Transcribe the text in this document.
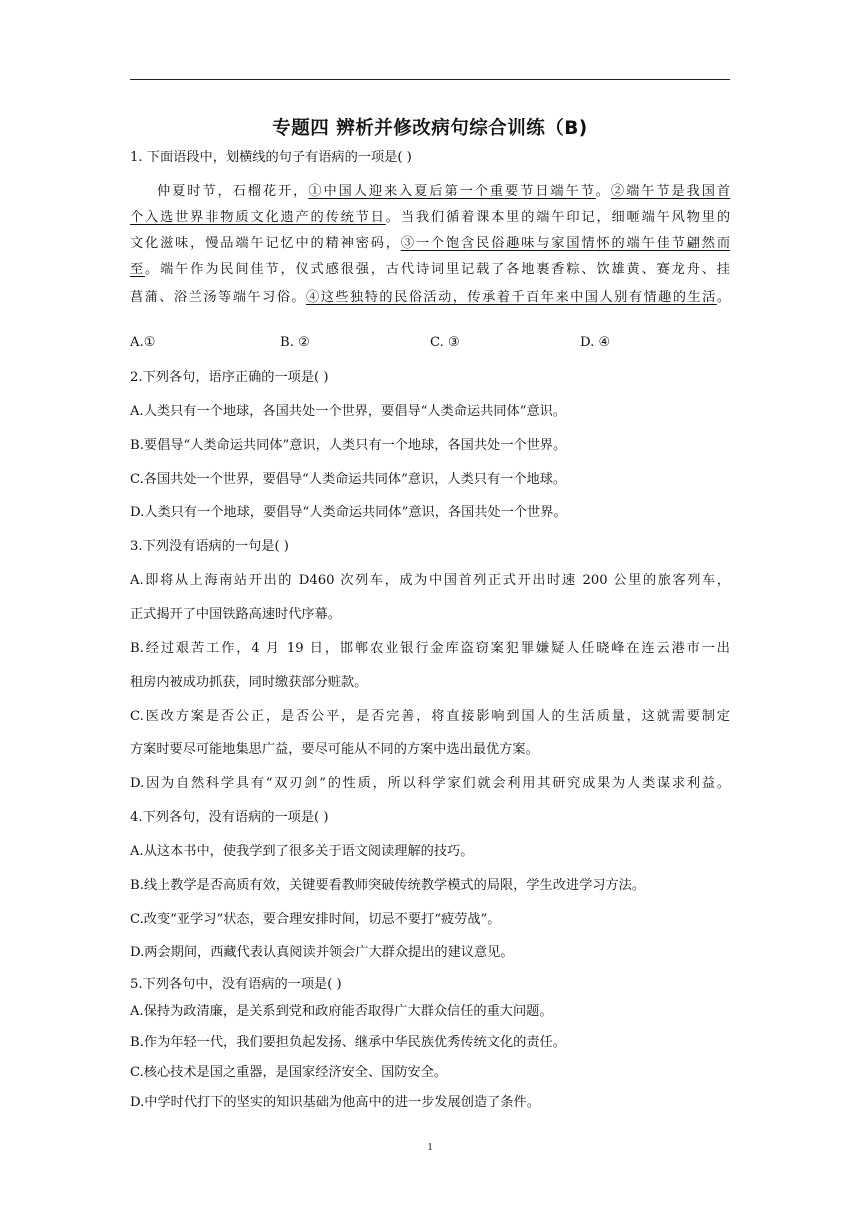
专题四 辨析并修改病句综合训练（B)
1. 下面语段中，划横线的句子有语病的一项是( )
仲夏时节，石榴花开，①中国人迎来入夏后第一个重要节日端午节。②端午节是我国首
个入选世界非物质文化遗产的传统节日。当我们循着课本里的端午印记，细咂端午风物里的
文化滋味，慢品端午记忆中的精神密码，③一个饱含民俗趣味与家国情怀的端午佳节翩然而
至。端午作为民间佳节，仪式感很强，古代诗词里记载了各地裹香粽、饮雄黄、赛龙舟、挂
菖蒲、浴兰汤等端午习俗。④这些独特的民俗活动，传承着千百年来中国人别有情趣的生活。
A.①	B. ②	C. ③	D. ④
2.下列各句，语序正确的一项是( )
A.人类只有一个地球，各国共处一个世界，要倡导“人类命运共同体”意识。
B.要倡导“人类命运共同体”意识，人类只有一个地球，各国共处一个世界。
C.各国共处一个世界，要倡导“人类命运共同体”意识，人类只有一个地球。
D.人类只有一个地球，要倡导“人类命运共同体”意识，各国共处一个世界。
3.下列没有语病的一句是( )
A.即将从上海南站开出的 D460 次列车，成为中国首列正式开出时速 200 公里的旅客列车，
正式揭开了中国铁路高速时代序幕。
B.经过艰苦工作，4 月 19 日，邯郸农业银行金库盗窃案犯罪嫌疑人任晓峰在连云港市一出
租房内被成功抓获，同时缴获部分赃款。
C.医改方案是否公正，是否公平，是否完善，将直接影响到国人的生活质量，这就需要制定
方案时要尽可能地集思广益，要尽可能从不同的方案中选出最优方案。
D.因为自然科学具有“双刃剑”的性质，所以科学家们就会利用其研究成果为人类谋求利益。
4.下列各句，没有语病的一项是( )
A.从这本书中，使我学到了很多关于语文阅读理解的技巧。
B.线上教学是否高质有效，关键要看教师突破传统教学模式的局限，学生改进学习方法。
C.改变“亚学习”状态，要合理安排时间，切忌不要打“疲劳战”。
D.两会期间，西藏代表认真阅读并领会广大群众提出的建议意见。
5.下列各句中，没有语病的一项是( )
A.保持为政清廉，是关系到党和政府能否取得广大群众信任的重大问题。
B.作为年轻一代，我们要担负起发扬、继承中华民族优秀传统文化的责任。
C.核心技术是国之重器，是国家经济安全、国防安全。
D.中学时代打下的坚实的知识基础为他高中的进一步发展创造了条件。
1
